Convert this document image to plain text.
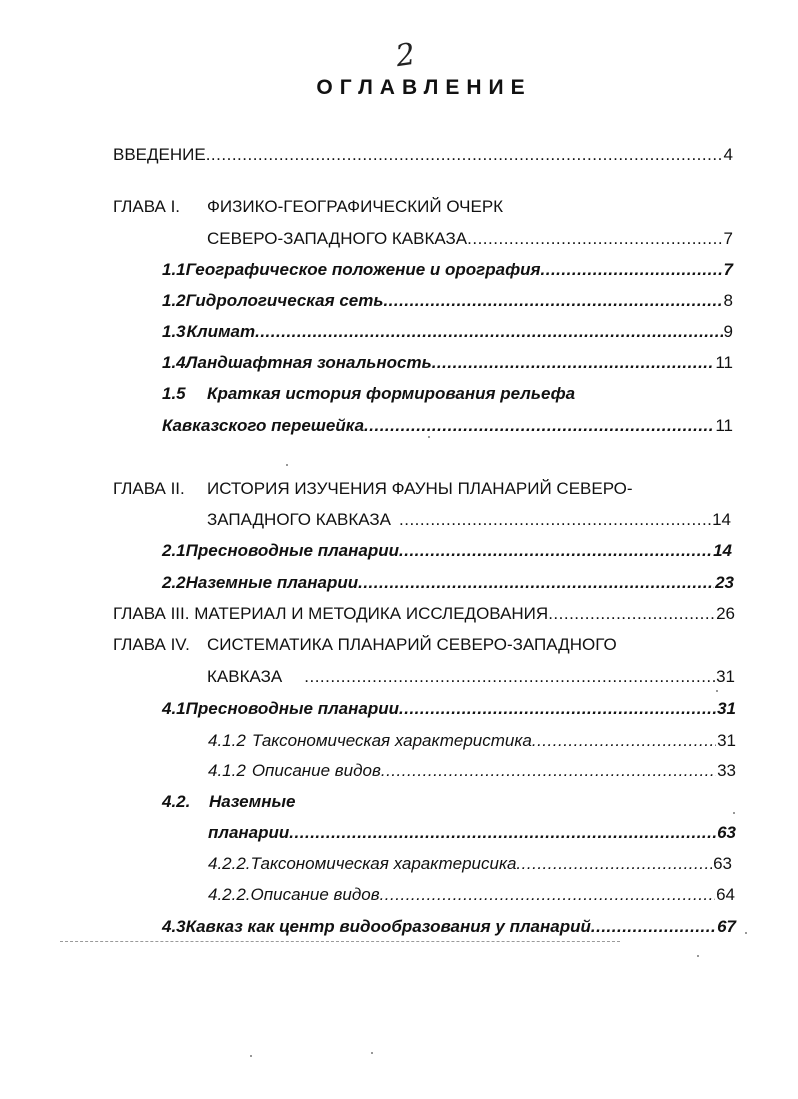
2
ОГЛАВЛЕНИЕ
ВВЕДЕНИЕ .....	4
ГЛАВА I.	ФИЗИКО-ГЕОГРАФИЧЕСКИЙ ОЧЕРК
СЕВЕРО-ЗАПАДНОГО КАВКАЗА .....	7
1.1 Географическое положение и орография .....	7
1.2 Гидрологическая сеть .....	8
1.3 Климат .....	9
1.4 Ландшафтная зональность .....	11
1.5	Краткая история формирования рельефа
Кавказского перешейка .....	11
ГЛАВА II.	ИСТОРИЯ ИЗУЧЕНИЯ ФАУНЫ ПЛАНАРИЙ СЕВЕРО-
ЗАПАДНОГО КАВКАЗА .....	14
2.1 Пресноводные планарии .....	14
2.2 Наземные планарии .....	23
ГЛАВА III. МАТЕРИАЛ И МЕТОДИКА ИССЛЕДОВАНИЯ .....	26
ГЛАВА IV.	СИСТЕМАТИКА ПЛАНАРИЙ СЕВЕРО-ЗАПАДНОГО
КАВКАЗА .....	31
4.1 Пресноводные планарии .....	31
4.1.2 Таксономическая характеристика .....	31
4.1.2 Описание видов .....	33
4.2.	Наземные
планарии .....	63
4.2.2. Таксономическая характерисика .....	63
4.2.2. Описание видов .....	64
4.3 Кавказ как центр видообразования у планарий .....	67
